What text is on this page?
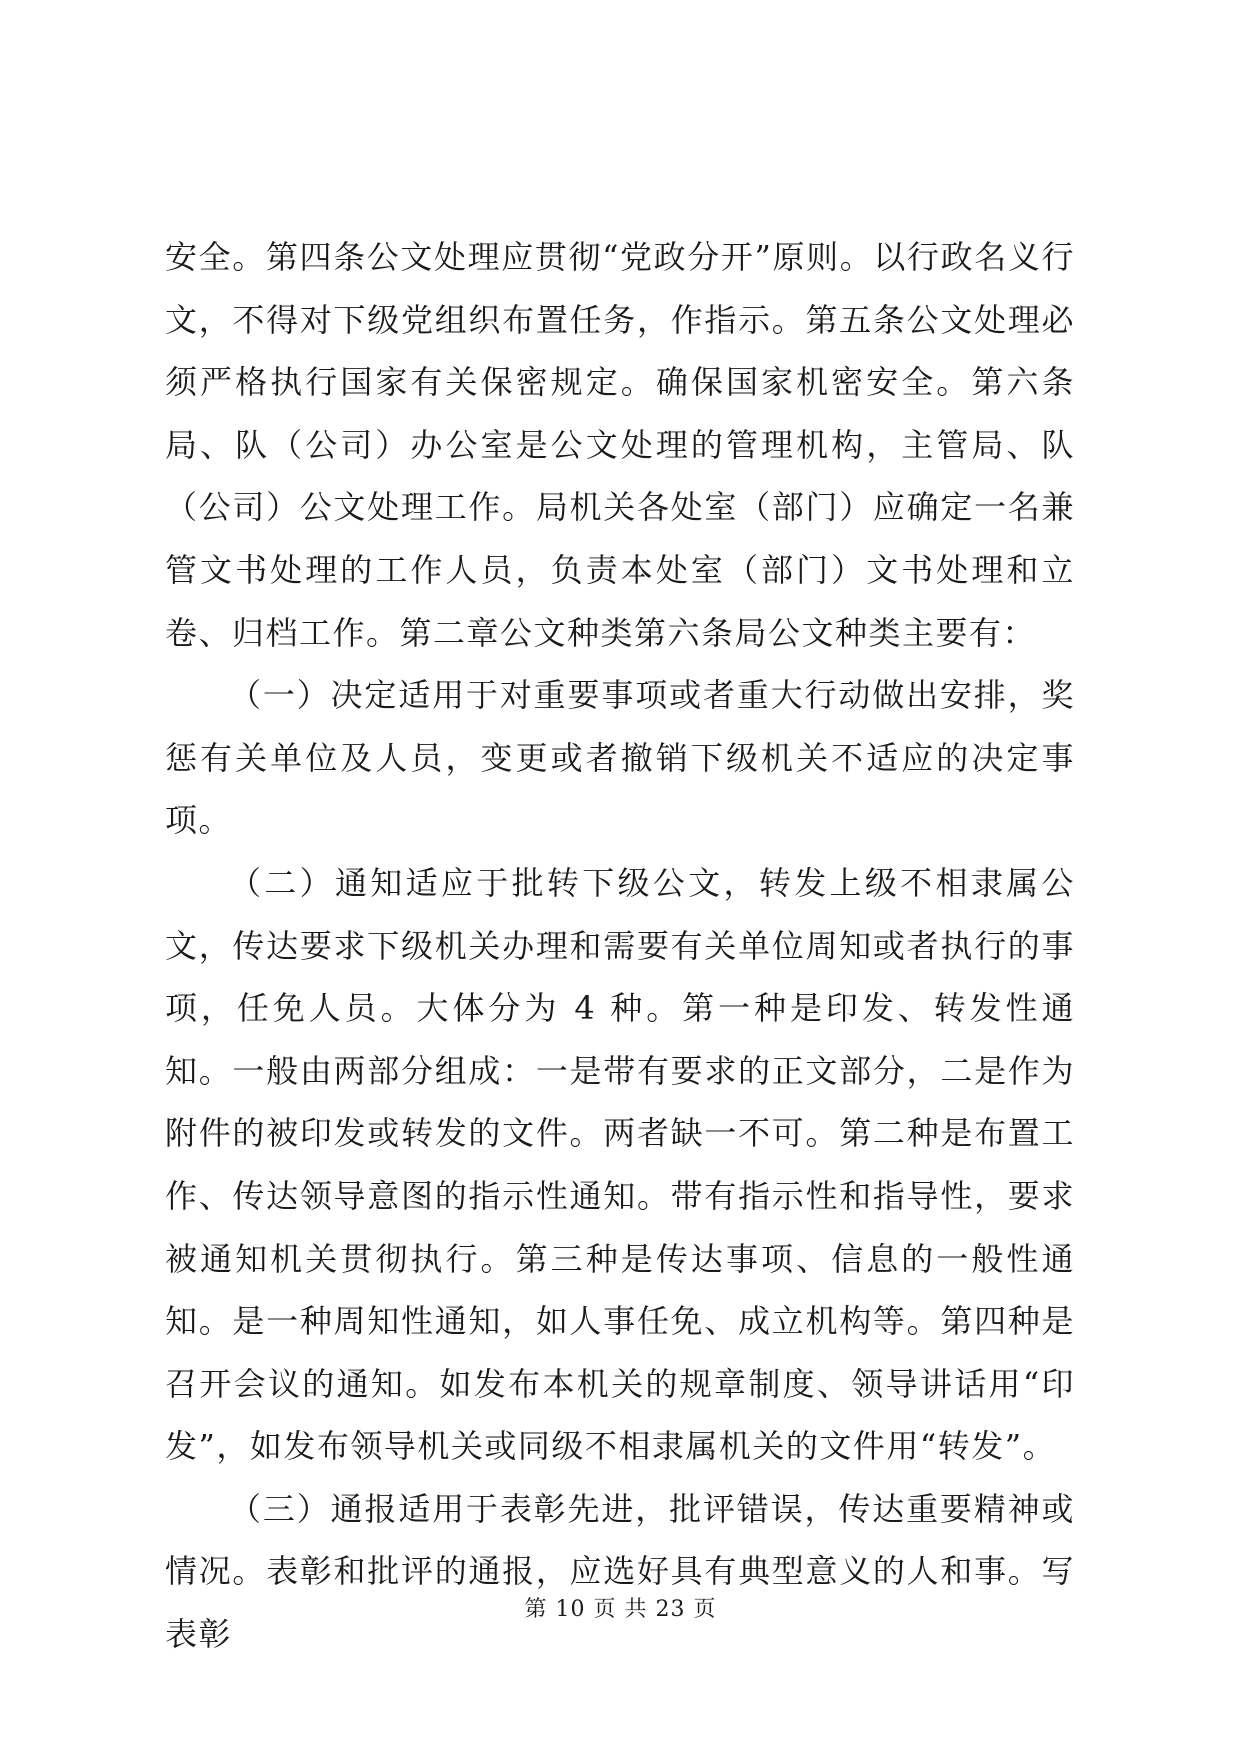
安全。第四条公文处理应贯彻“党政分开”原则。以行政名义行文，不得对下级党组织布置任务，作指示。第五条公文处理必须严格执行国家有关保密规定。确保国家机密安全。第六条局、队（公司）办公室是公文处理的管理机构，主管局、队（公司）公文处理工作。局机关各处室（部门）应确定一名兼管文书处理的工作人员，负责本处室（部门）文书处理和立卷、归档工作。第二章公文种类第六条局公文种类主要有：

（一）决定适用于对重要事项或者重大行动做出安排，奖惩有关单位及人员，变更或者撤销下级机关不适应的决定事项。

（二）通知适应于批转下级公文，转发上级不相隶属公文，传达要求下级机关办理和需要有关单位周知或者执行的事项，任免人员。大体分为 4 种。第一种是印发、转发性通知。一般由两部分组成：一是带有要求的正文部分，二是作为附件的被印发或转发的文件。两者缺一不可。第二种是布置工作、传达领导意图的指示性通知。带有指示性和指导性，要求被通知机关贯彻执行。第三种是传达事项、信息的一般性通知。是一种周知性通知，如人事任免、成立机构等。第四种是召开会议的通知。如发布本机关的规章制度、领导讲话用“印发”，如发布领导机关或同级不相隶属机关的文件用“转发”。

（三）通报适用于表彰先进，批评错误，传达重要精神或情况。表彰和批评的通报，应选好具有典型意义的人和事。写表彰

第 10 页 共 23 页
